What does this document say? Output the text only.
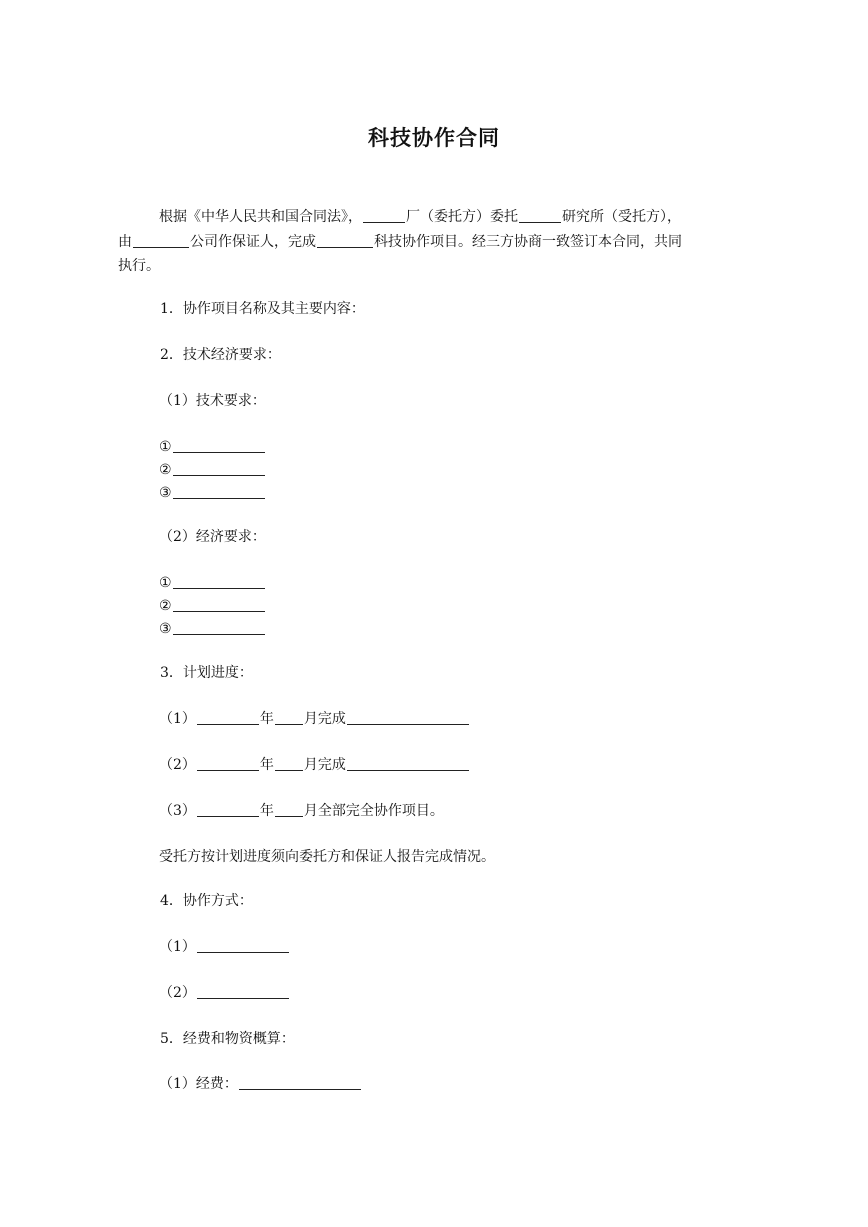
科技协作合同
根据《中华人民共和国合同法》，	厂（委托方）委托	研究所（受托方），
由	公司作保证人，完成	科技协作项目。经三方协商一致签订本合同，共同
执行。
1．协作项目名称及其主要内容：
2．技术经济要求：
（1）技术要求：
①
②
③
（2）经济要求：
①
②
③
3．计划进度：
（1）	年 月完成
（2）	年 月完成
（3）	年 月全部完全协作项目。
受托方按计划进度须向委托方和保证人报告完成情况。
4．协作方式：
（1）
（2）
5．经费和物资概算：
（1）经费：
